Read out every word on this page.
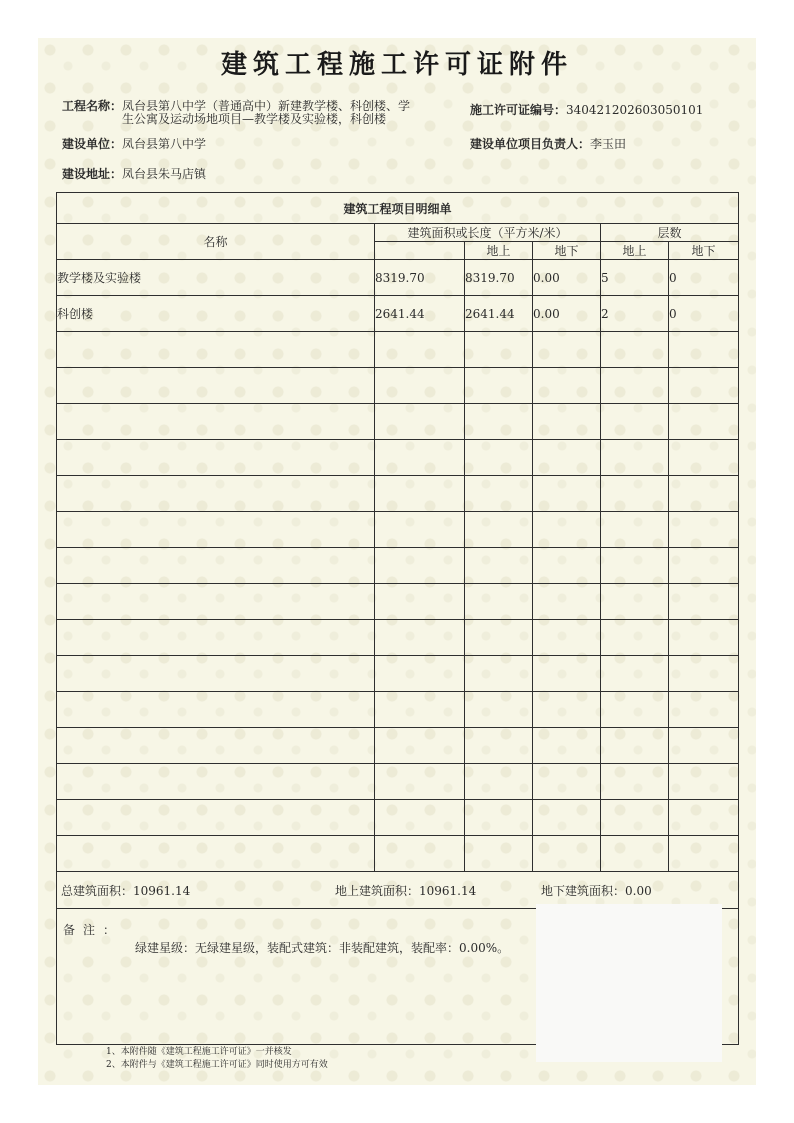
建筑工程施工许可证附件
工程名称： 凤台县第八中学（普通高中）新建教学楼、科创楼、学
生公寓及运动场地项目—教学楼及实验楼，科创楼
施工许可证编号：340421202603050101
建设单位：凤台县第八中学	建设单位项目负责人：李玉田
建设地址：凤台县朱马店镇
建筑工程项目明细单					
名称	建筑面积或长度（平方米/米）			层数	
		地上	地下	地上	地下
教学楼及实验楼	8319.70	8319.70	0.00	5	0
科创楼	2641.44	2641.44	0.00	2	0

总建筑面积：10961.14 地上建筑面积：10961.14 地下建筑面积：0.00					

备注：
绿建星级：无绿建星级，装配式建筑：非装配建筑，装配率：0.00%。					
1、本附件随《建筑工程施工许可证》一并核发
2、本附件与《建筑工程施工许可证》同时使用方可有效
